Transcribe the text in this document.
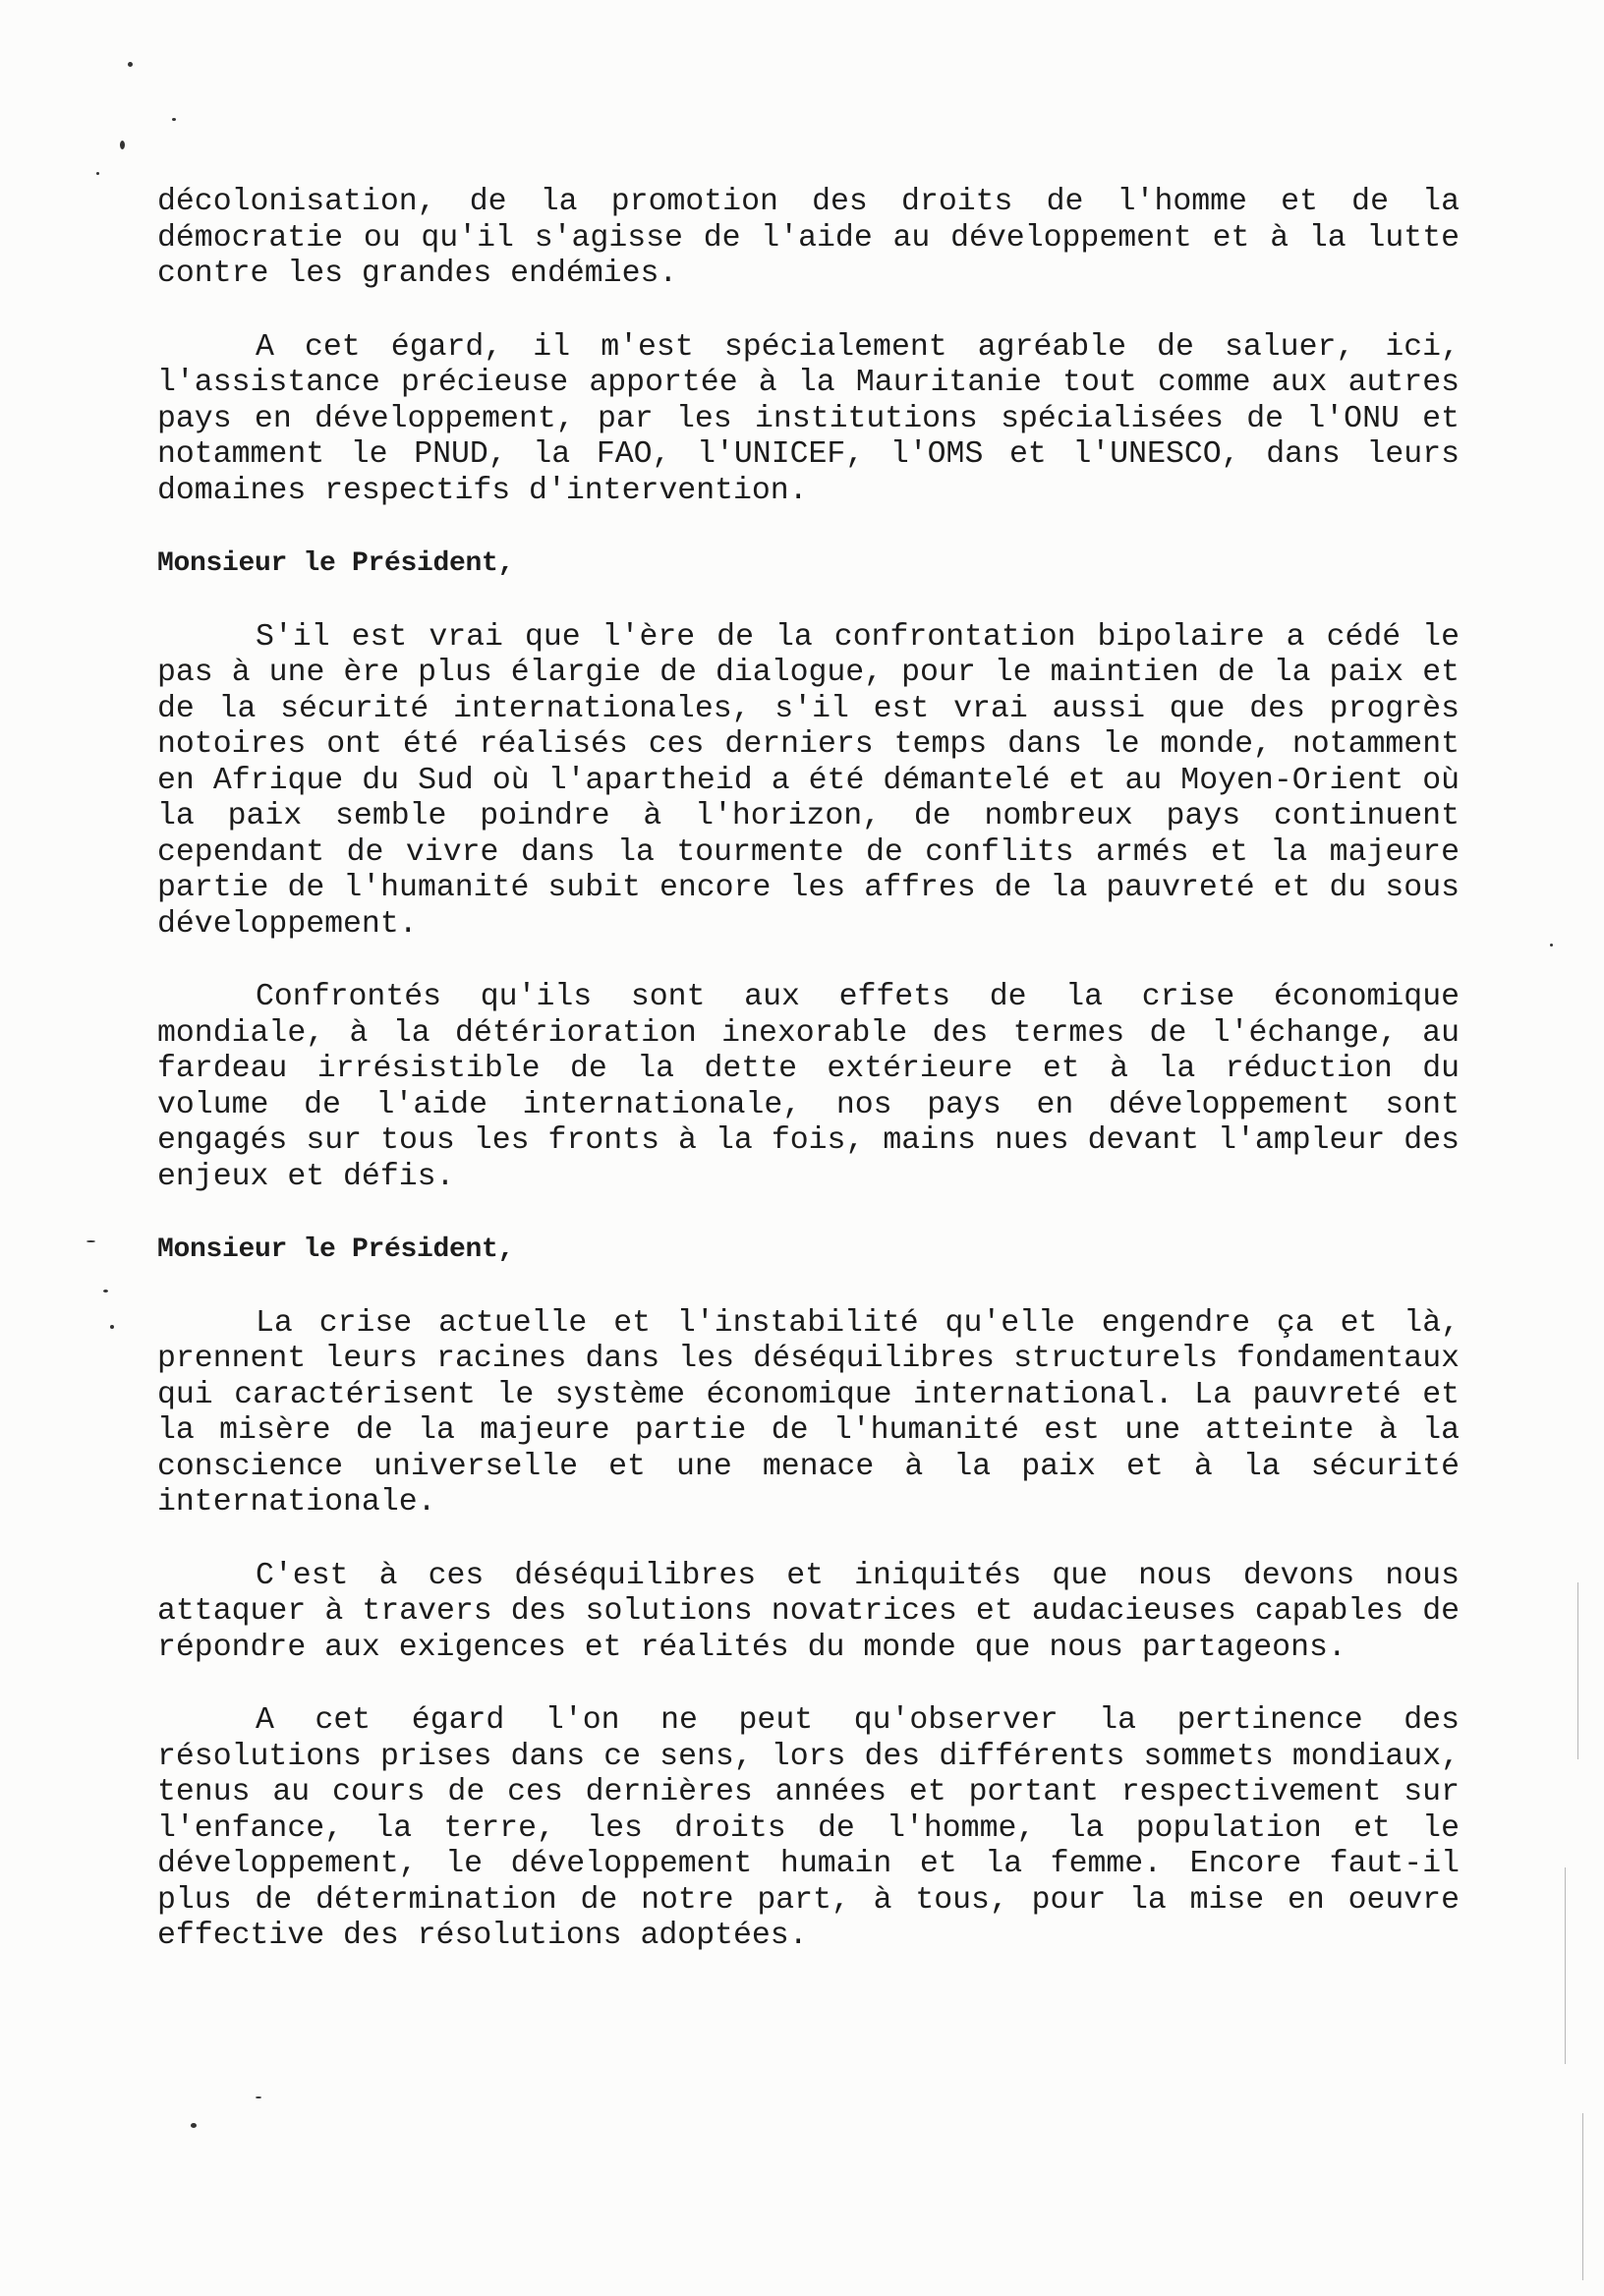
décolonisation, de la promotion des droits de l'homme et de la démocratie ou qu'il s'agisse de l'aide au développement et à la lutte contre les grandes endémies.

A cet égard, il m'est spécialement agréable de saluer, ici, l'assistance précieuse apportée à la Mauritanie tout comme aux autres pays en développement, par les institutions spécialisées de l'ONU et notamment le PNUD, la FAO, l'UNICEF, l'OMS et l'UNESCO, dans leurs domaines respectifs d'intervention.

Monsieur le Président,

S'il est vrai que l'ère de la confrontation bipolaire a cédé le pas à une ère plus élargie de dialogue, pour le maintien de la paix et de la sécurité internationales, s'il est vrai aussi que des progrès notoires ont été réalisés ces derniers temps dans le monde, notamment en Afrique du Sud où l'apartheid a été démantelé et au Moyen-Orient où la paix semble poindre à l'horizon, de nombreux pays continuent cependant de vivre dans la tourmente de conflits armés et la majeure partie de l'humanité subit encore les affres de la pauvreté et du sous développement.

Confrontés qu'ils sont aux effets de la crise économique mondiale, à la détérioration inexorable des termes de l'échange, au fardeau irrésistible de la dette extérieure et à la réduction du volume de l'aide internationale, nos pays en développement sont engagés sur tous les fronts à la fois, mains nues devant l'ampleur des enjeux et défis.

Monsieur le Président,

La crise actuelle et l'instabilité qu'elle engendre ça et là, prennent leurs racines dans les déséquilibres structurels fondamentaux qui caractérisent le système économique international. La pauvreté et la misère de la majeure partie de l'humanité est une atteinte à la conscience universelle et une menace à la paix et à la sécurité internationale.

C'est à ces déséquilibres et iniquités que nous devons nous attaquer à travers des solutions novatrices et audacieuses capables de répondre aux exigences et réalités du monde que nous partageons.

A cet égard l'on ne peut qu'observer la pertinence des résolutions prises dans ce sens, lors des différents sommets mondiaux, tenus au cours de ces dernières années et portant respectivement sur l'enfance, la terre, les droits de l'homme, la population et le développement, le développement humain et la femme. Encore faut-il plus de détermination de notre part, à tous, pour la mise en oeuvre effective des résolutions adoptées.
